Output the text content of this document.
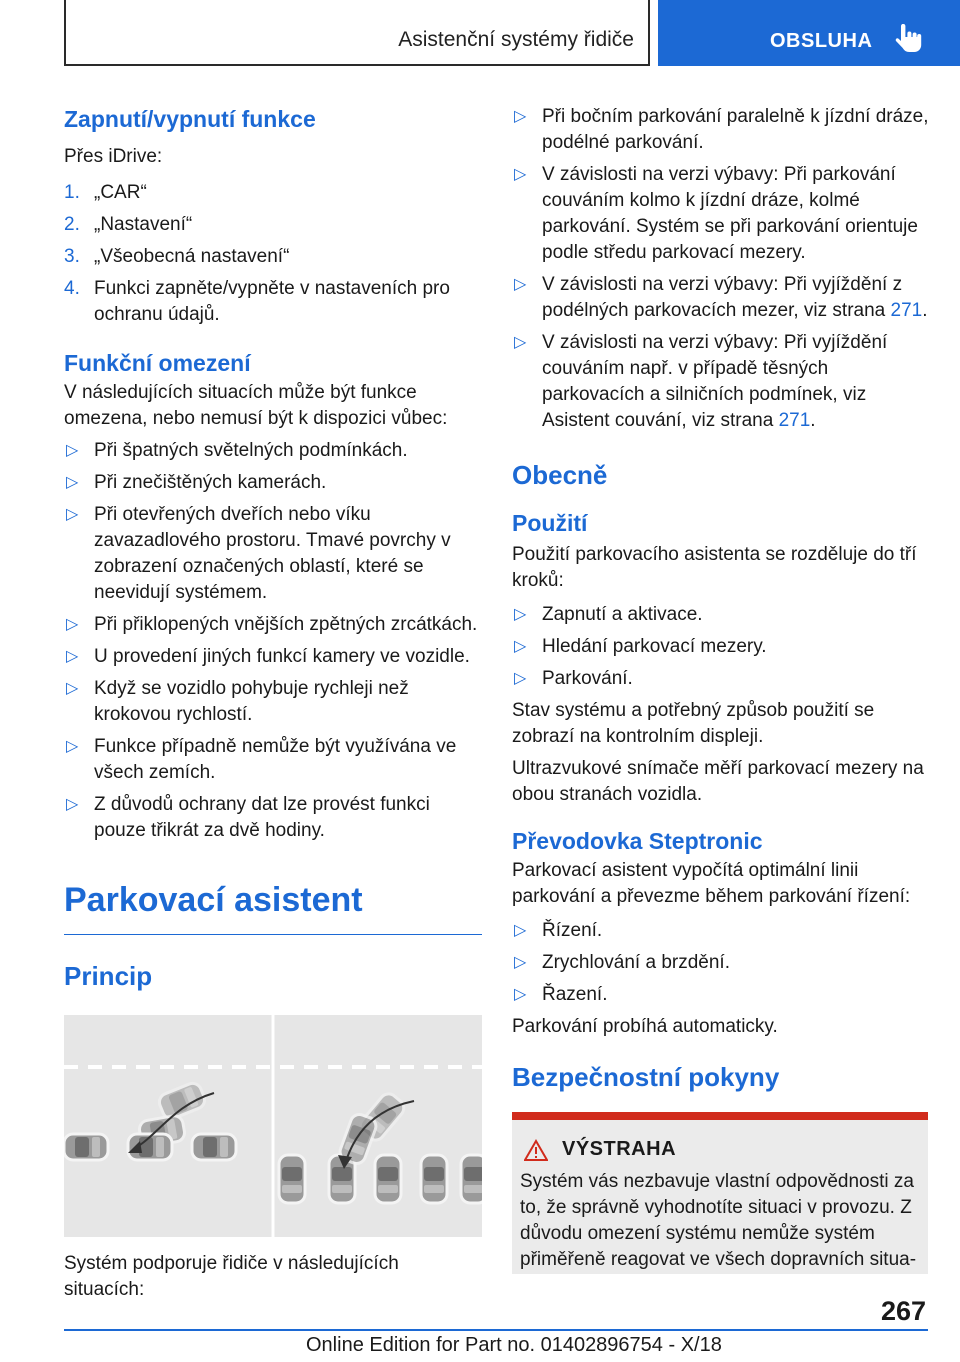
Asistenční systémy řidiče	OBSLUHA
Zapnutí/vypnutí funkce
Přes iDrive:
1. „CAR“
2. „Nastavení“
3. „Všeobecná nastavení“
4. Funkci zapněte/vypněte v nastaveních pro ochranu údajů.
Funkční omezení
V následujících situacích může být funkce omezena, nebo nemusí být k dispozici vůbec:
▷ Při špatných světelných podmínkách.
▷ Při znečištěných kamerách.
▷ Při otevřených dveřích nebo víku zavazadlového prostoru. Tmavé povrchy v zobrazení označených oblastí, které se neevidují systémem.
▷ Při přiklopených vnějších zpětných zrcátkách.
▷ U provedení jiných funkcí kamery ve vozidle.
▷ Když se vozidlo pohybuje rychleji než krokovou rychlostí.
▷ Funkce případně nemůže být využívána ve všech zemích.
▷ Z důvodů ochrany dat lze provést funkci pouze třikrát za dvě hodiny.
Parkovací asistent
Princip
Systém podporuje řidiče v následujících situacích:
▷ Při bočním parkování paralelně k jízdní dráze, podélné parkování.
▷ V závislosti na verzi výbavy: Při parkování couváním kolmo k jízdní dráze, kolmé parkování. Systém se při parkování orientuje podle středu parkovací mezery.
▷ V závislosti na verzi výbavy: Při vyjíždění z podélných parkovacích mezer, viz strana 271.
▷ V závislosti na verzi výbavy: Při vyjíždění couváním např. v případě těsných parkovacích a silničních podmínek, viz Asistent couvání, viz strana 271.
Obecně
Použití
Použití parkovacího asistenta se rozděluje do tří kroků:
▷ Zapnutí a aktivace.
▷ Hledání parkovací mezery.
▷ Parkování.
Stav systému a potřebný způsob použití se zobrazí na kontrolním displeji.
Ultrazvukové snímače měří parkovací mezery na obou stranách vozidla.
Převodovka Steptronic
Parkovací asistent vypočítá optimální linii parkování a převezme během parkování řízení:
▷ Řízení.
▷ Zrychlování a brzdění.
▷ Řazení.
Parkování probíhá automaticky.
Bezpečnostní pokyny
VÝSTRAHA
Systém vás nezbavuje vlastní odpovědnosti za to, že správně vyhodnotíte situaci v provozu. Z důvodu omezení systému nemůže systém přiměřeně reagovat ve všech dopravních situa-
267
Online Edition for Part no. 01402896754 - X/18
